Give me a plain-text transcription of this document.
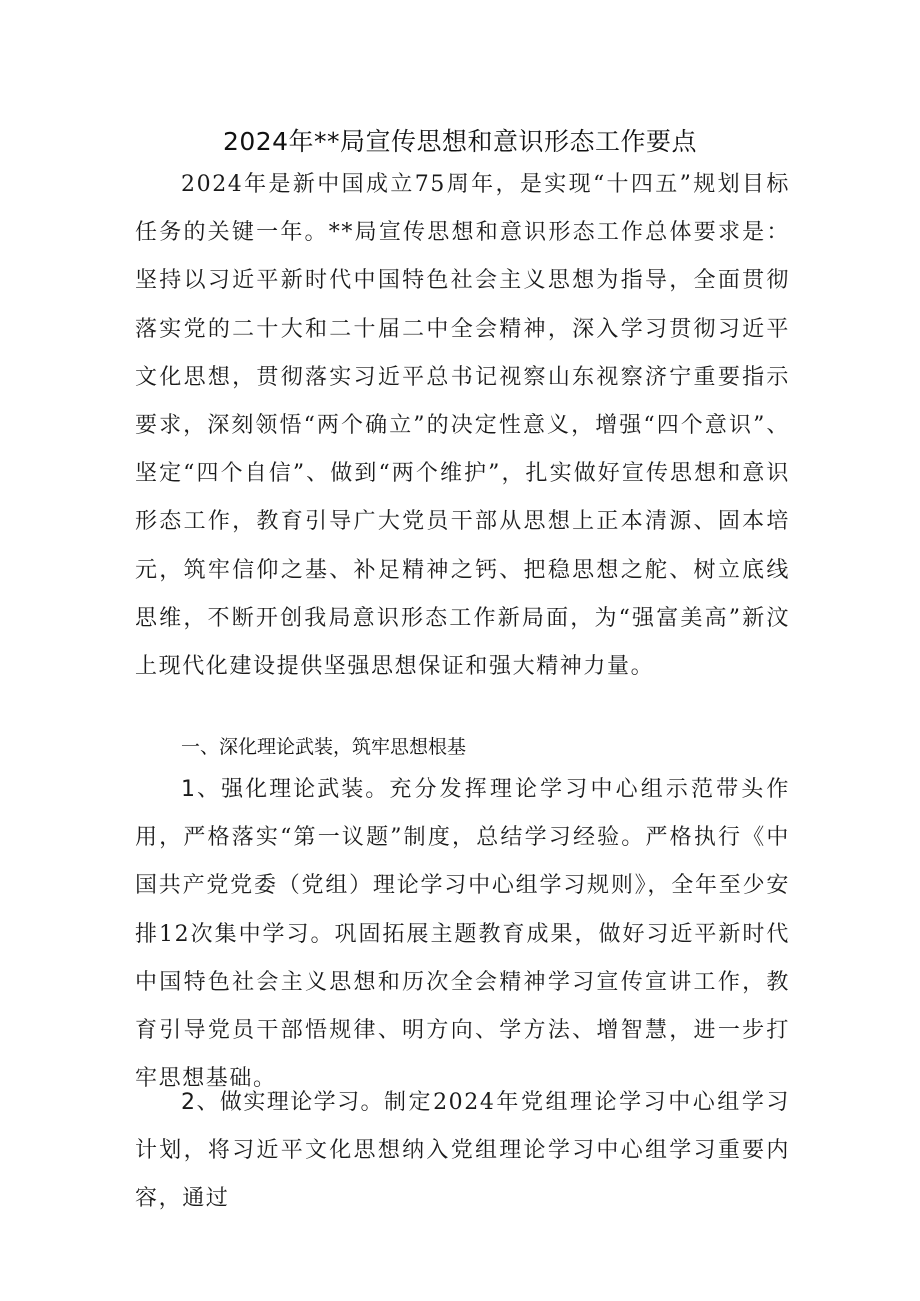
2024年**局宣传思想和意识形态工作要点

2024年是新中国成立75周年，是实现“十四五”规划目标任务的关键一年。**局宣传思想和意识形态工作总体要求是：坚持以习近平新时代中国特色社会主义思想为指导，全面贯彻落实党的二十大和二十届二中全会精神，深入学习贯彻习近平文化思想，贯彻落实习近平总书记视察山东视察济宁重要指示要求，深刻领悟“两个确立”的决定性意义，增强“四个意识”、坚定“四个自信”、做到“两个维护”，扎实做好宣传思想和意识形态工作，教育引导广大党员干部从思想上正本清源、固本培元，筑牢信仰之基、补足精神之钙、把稳思想之舵、树立底线思维，不断开创我局意识形态工作新局面，为“强富美高”新汶上现代化建设提供坚强思想保证和强大精神力量。

一、深化理论武装，筑牢思想根基

1、强化理论武装。充分发挥理论学习中心组示范带头作用，严格落实“第一议题”制度，总结学习经验。严格执行《中国共产党党委（党组）理论学习中心组学习规则》，全年至少安排12次集中学习。巩固拓展主题教育成果，做好习近平新时代中国特色社会主义思想和历次全会精神学习宣传宣讲工作，教育引导党员干部悟规律、明方向、学方法、增智慧，进一步打牢思想基础。

2、做实理论学习。制定2024年党组理论学习中心组学习计划，将习近平文化思想纳入党组理论学习中心组学习重要内容，通过
